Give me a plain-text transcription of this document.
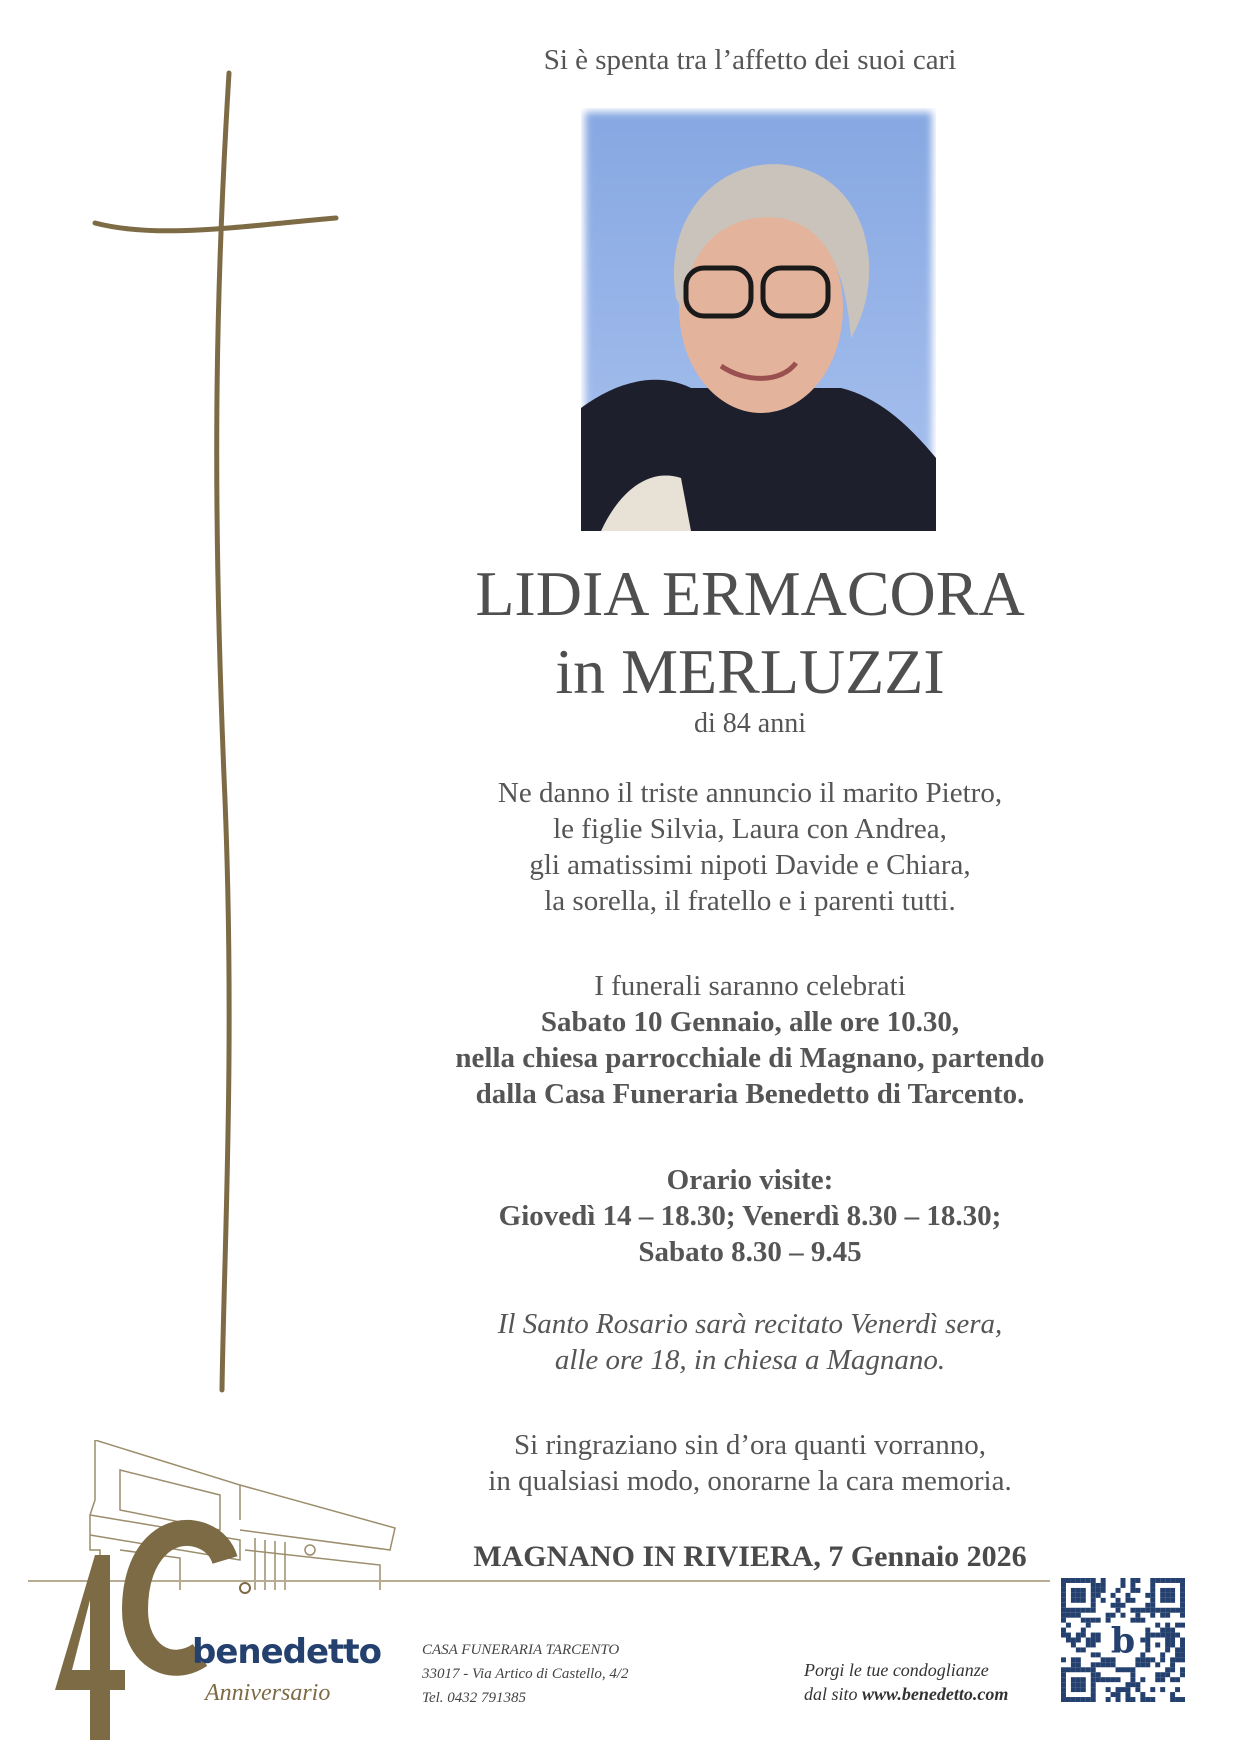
Si è spenta tra l’affetto dei suoi cari
LIDIA ERMACORA
in MERLUZZI
di 84 anni
Ne danno il triste annuncio il marito Pietro,
le figlie Silvia, Laura con Andrea,
gli amatissimi nipoti Davide e Chiara,
la sorella, il fratello e i parenti tutti.
I funerali saranno celebrati
Sabato 10 Gennaio, alle ore 10.30,
nella chiesa parrocchiale di Magnano, partendo
dalla Casa Funeraria Benedetto di Tarcento.
Orario visite:
Giovedì 14 – 18.30; Venerdì 8.30 – 18.30;
Sabato 8.30 – 9.45
Il Santo Rosario sarà recitato Venerdì sera,
alle ore 18, in chiesa a Magnano.
Si ringraziano sin d’ora quanti vorranno,
in qualsiasi modo, onorarne la cara memoria.
MAGNANO IN RIVIERA, 7 Gennaio 2026
benedetto
Anniversario
CASA FUNERARIA TARCENTO
33017 - Via Artico di Castello, 4/2
Tel. 0432 791385
Porgi le tue condoglianze
dal sito www.benedetto.com
b
